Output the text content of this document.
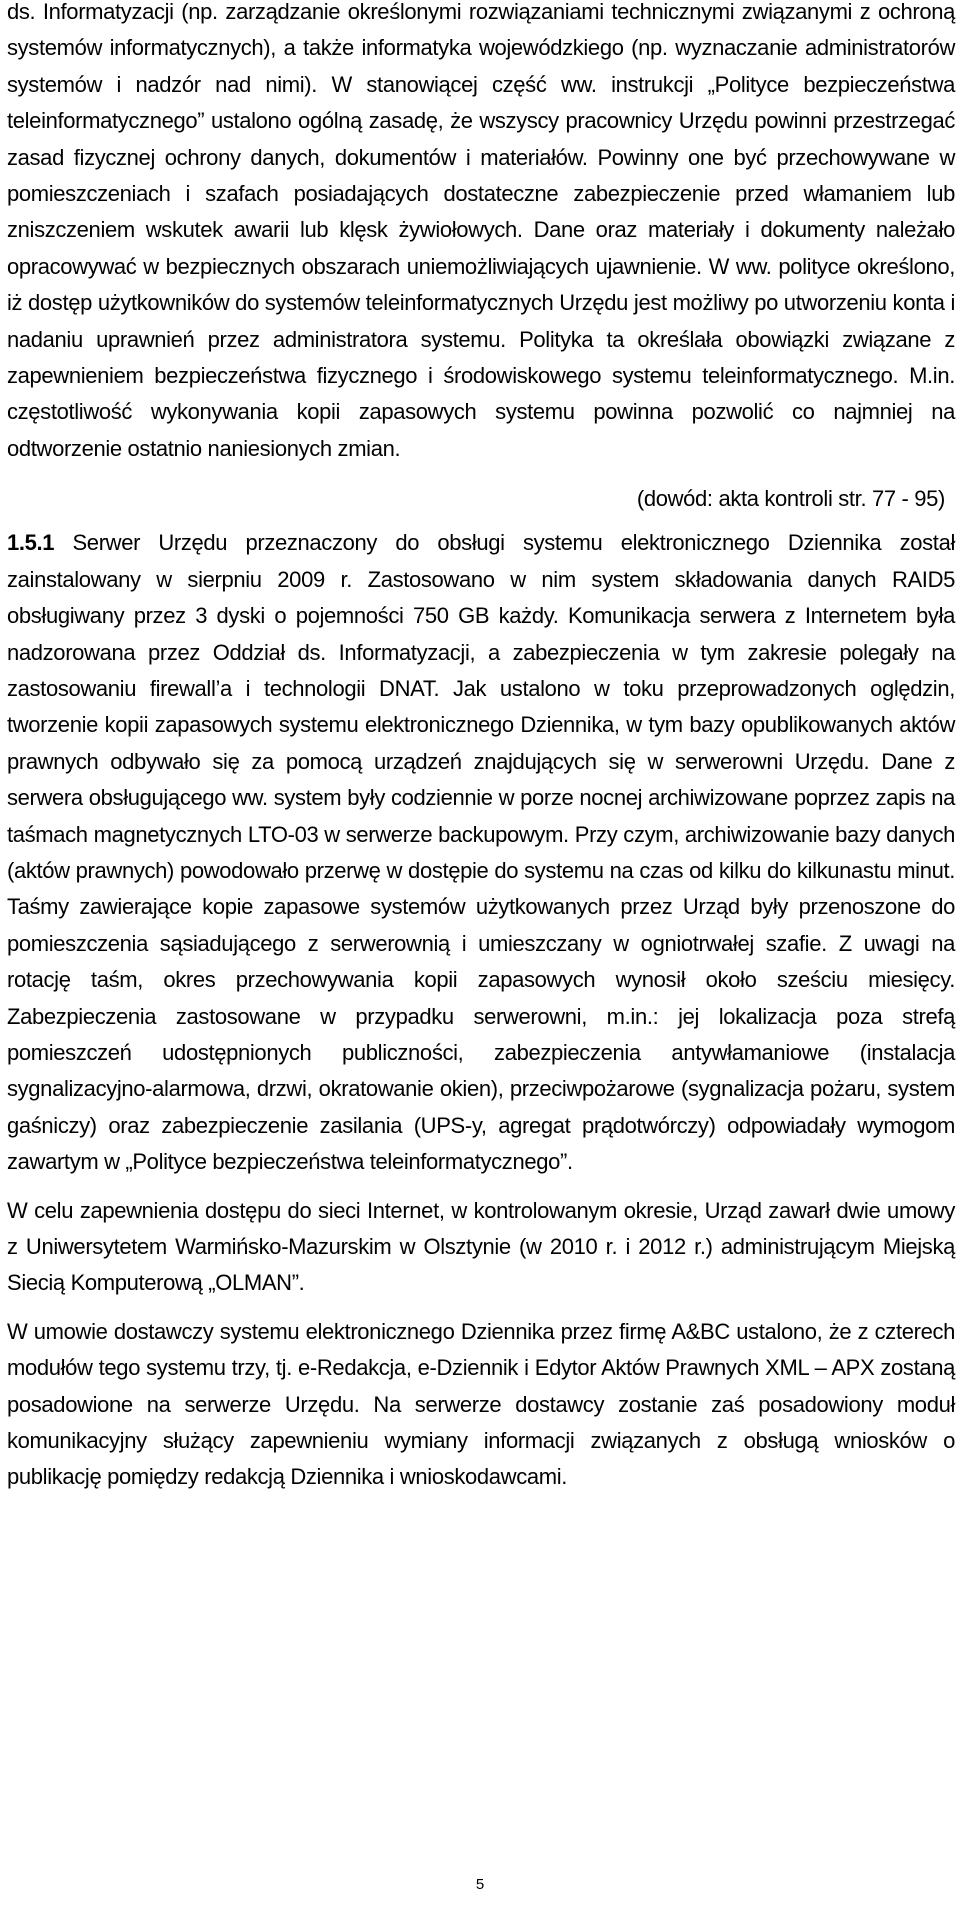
ds. Informatyzacji (np. zarządzanie określonymi rozwiązaniami technicznymi związanymi z ochroną systemów informatycznych), a także informatyka wojewódzkiego (np. wyznaczanie administratorów systemów i nadzór nad nimi). W stanowiącej część ww. instrukcji „Polityce bezpieczeństwa teleinformatycznego” ustalono ogólną zasadę, że wszyscy pracownicy Urzędu powinni przestrzegać zasad fizycznej ochrony danych, dokumentów i materiałów. Powinny one być przechowywane w pomieszczeniach i szafach posiadających dostateczne zabezpieczenie przed włamaniem lub zniszczeniem wskutek awarii lub klęsk żywiołowych. Dane oraz materiały i dokumenty należało opracowywać w bezpiecznych obszarach uniemożliwiających ujawnienie. W ww. polityce określono, iż dostęp użytkowników do systemów teleinformatycznych Urzędu jest możliwy po utworzeniu konta i nadaniu uprawnień przez administratora systemu. Polityka ta określała obowiązki związane z zapewnieniem bezpieczeństwa fizycznego i środowiskowego systemu teleinformatycznego. M.in. częstotliwość wykonywania kopii zapasowych systemu powinna pozwolić co najmniej na odtworzenie ostatnio naniesionych zmian.

(dowód: akta kontroli str. 77 - 95)

1.5.1 Serwer Urzędu przeznaczony do obsługi systemu elektronicznego Dziennika został zainstalowany w sierpniu 2009 r. Zastosowano w nim system składowania danych RAID5 obsługiwany przez 3 dyski o pojemności 750 GB każdy. Komunikacja serwera z Internetem była nadzorowana przez Oddział ds. Informatyzacji, a zabezpieczenia w tym zakresie polegały na zastosowaniu firewall’a i technologii DNAT. Jak ustalono w toku przeprowadzonych oględzin, tworzenie kopii zapasowych systemu elektronicznego Dziennika, w tym bazy opublikowanych aktów prawnych odbywało się za pomocą urządzeń znajdujących się w serwerowni Urzędu. Dane z serwera obsługującego ww. system były codziennie w porze nocnej archiwizowane poprzez zapis na taśmach magnetycznych LTO-03 w serwerze backupowym. Przy czym, archiwizowanie bazy danych (aktów prawnych) powodowało przerwę w dostępie do systemu na czas od kilku do kilkunastu minut. Taśmy zawierające kopie zapasowe systemów użytkowanych przez Urząd były przenoszone do pomieszczenia sąsiadującego z serwerownią i umieszczany w ogniotrwałej szafie. Z uwagi na rotację taśm, okres przechowywania kopii zapasowych wynosił około sześciu miesięcy. Zabezpieczenia zastosowane w przypadku serwerowni, m.in.: jej lokalizacja poza strefą pomieszczeń udostępnionych publiczności, zabezpieczenia antywłamaniowe (instalacja sygnalizacyjno-alarmowa, drzwi, okratowanie okien), przeciwpożarowe (sygnalizacja pożaru, system gaśniczy) oraz zabezpieczenie zasilania (UPS-y, agregat prądotwórczy) odpowiadały wymogom zawartym w „Polityce bezpieczeństwa teleinformatycznego”.

W celu zapewnienia dostępu do sieci Internet, w kontrolowanym okresie, Urząd zawarł dwie umowy z Uniwersytetem Warmińsko-Mazurskim w Olsztynie (w 2010 r. i 2012 r.) administrującym Miejską Siecią Komputerową „OLMAN”.

W umowie dostawczy systemu elektronicznego Dziennika przez firmę A&BC ustalono, że z czterech modułów tego systemu trzy, tj. e-Redakcja, e-Dziennik i Edytor Aktów Prawnych XML – APX zostaną posadowione na serwerze Urzędu. Na serwerze dostawcy zostanie zaś posadowiony moduł komunikacyjny służący zapewnieniu wymiany informacji związanych z obsługą wniosków o publikację pomiędzy redakcją Dziennika i wnioskodawcami.

5
